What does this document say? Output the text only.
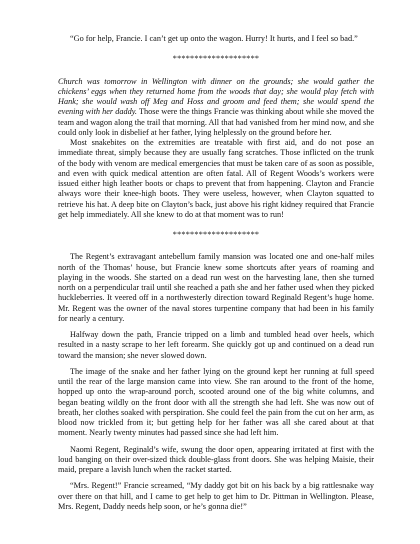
“Go for help, Francie. I can’t get up onto the wagon. Hurry! It hurts, and I feel so bad.”

********************

Church was tomorrow in Wellington with dinner on the grounds; she would gather the chickens’ eggs when they returned home from the woods that day; she would play fetch with Hank; she would wash off Meg and Hoss and groom and feed them; she would spend the evening with her daddy. Those were the things Francie was thinking about while she moved the team and wagon along the trail that morning. All that had vanished from her mind now, and she could only look in disbelief at her father, lying helplessly on the ground before her.

Most snakebites on the extremities are treatable with first aid, and do not pose an immediate threat, simply because they are usually fang scratches. Those inflicted on the trunk of the body with venom are medical emergencies that must be taken care of as soon as possible, and even with quick medical attention are often fatal. All of Regent Woods’s workers were issued either high leather boots or chaps to prevent that from happening. Clayton and Francie always wore their knee-high boots. They were useless, however, when Clayton squatted to retrieve his hat. A deep bite on Clayton’s back, just above his right kidney required that Francie get help immediately. All she knew to do at that moment was to run!

********************

The Regent’s extravagant antebellum family mansion was located one and one-half miles north of the Thomas’ house, but Francie knew some shortcuts after years of roaming and playing in the woods. She started on a dead run west on the harvesting lane, then she turned north on a perpendicular trail until she reached a path she and her father used when they picked huckleberries. It veered off in a northwesterly direction toward Reginald Regent’s huge home. Mr. Regent was the owner of the naval stores turpentine company that had been in his family for nearly a century.

Halfway down the path, Francie tripped on a limb and tumbled head over heels, which resulted in a nasty scrape to her left forearm. She quickly got up and continued on a dead run toward the mansion; she never slowed down.

The image of the snake and her father lying on the ground kept her running at full speed until the rear of the large mansion came into view. She ran around to the front of the home, hopped up onto the wrap-around porch, scooted around one of the big white columns, and began beating wildly on the front door with all the strength she had left. She was now out of breath, her clothes soaked with perspiration. She could feel the pain from the cut on her arm, as blood now trickled from it; but getting help for her father was all she cared about at that moment. Nearly twenty minutes had passed since she had left him.

Naomi Regent, Reginald’s wife, swung the door open, appearing irritated at first with the loud banging on their over-sized thick double-glass front doors. She was helping Maisie, their maid, prepare a lavish lunch when the racket started.

“Mrs. Regent!” Francie screamed, “My daddy got bit on his back by a big rattlesnake way over there on that hill, and I came to get help to get him to Dr. Pittman in Wellington. Please, Mrs. Regent, Daddy needs help soon, or he’s gonna die!”
